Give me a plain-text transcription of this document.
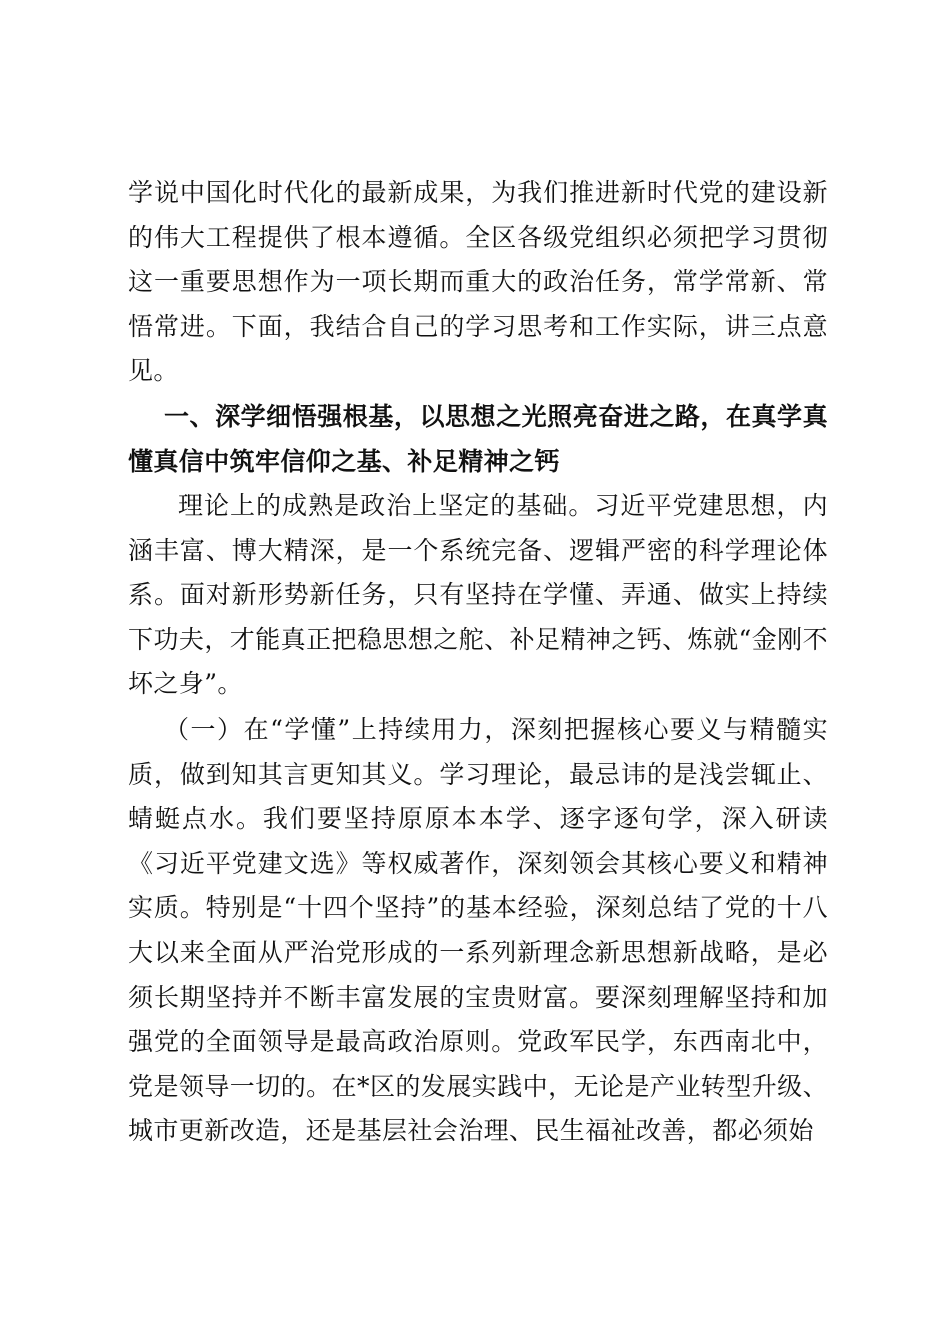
学说中国化时代化的最新成果，为我们推进新时代党的建设新的伟大工程提供了根本遵循。全区各级党组织必须把学习贯彻这一重要思想作为一项长期而重大的政治任务，常学常新、常悟常进。下面，我结合自己的学习思考和工作实际，讲三点意见。
一、深学细悟强根基，以思想之光照亮奋进之路，在真学真懂真信中筑牢信仰之基、补足精神之钙
理论上的成熟是政治上坚定的基础。习近平党建思想，内涵丰富、博大精深，是一个系统完备、逻辑严密的科学理论体系。面对新形势新任务，只有坚持在学懂、弄通、做实上持续下功夫，才能真正把稳思想之舵、补足精神之钙、炼就“金刚不坏之身”。
（一）在“学懂”上持续用力，深刻把握核心要义与精髓实质，做到知其言更知其义。学习理论，最忌讳的是浅尝辄止、蜻蜓点水。我们要坚持原原本本学、逐字逐句学，深入研读《习近平党建文选》等权威著作，深刻领会其核心要义和精神实质。特别是“十四个坚持”的基本经验，深刻总结了党的十八大以来全面从严治党形成的一系列新理念新思想新战略，是必须长期坚持并不断丰富发展的宝贵财富。要深刻理解坚持和加强党的全面领导是最高政治原则。党政军民学，东西南北中，党是领导一切的。在*区的发展实践中，无论是产业转型升级、城市更新改造，还是基层社会治理、民生福祉改善，都必须始
